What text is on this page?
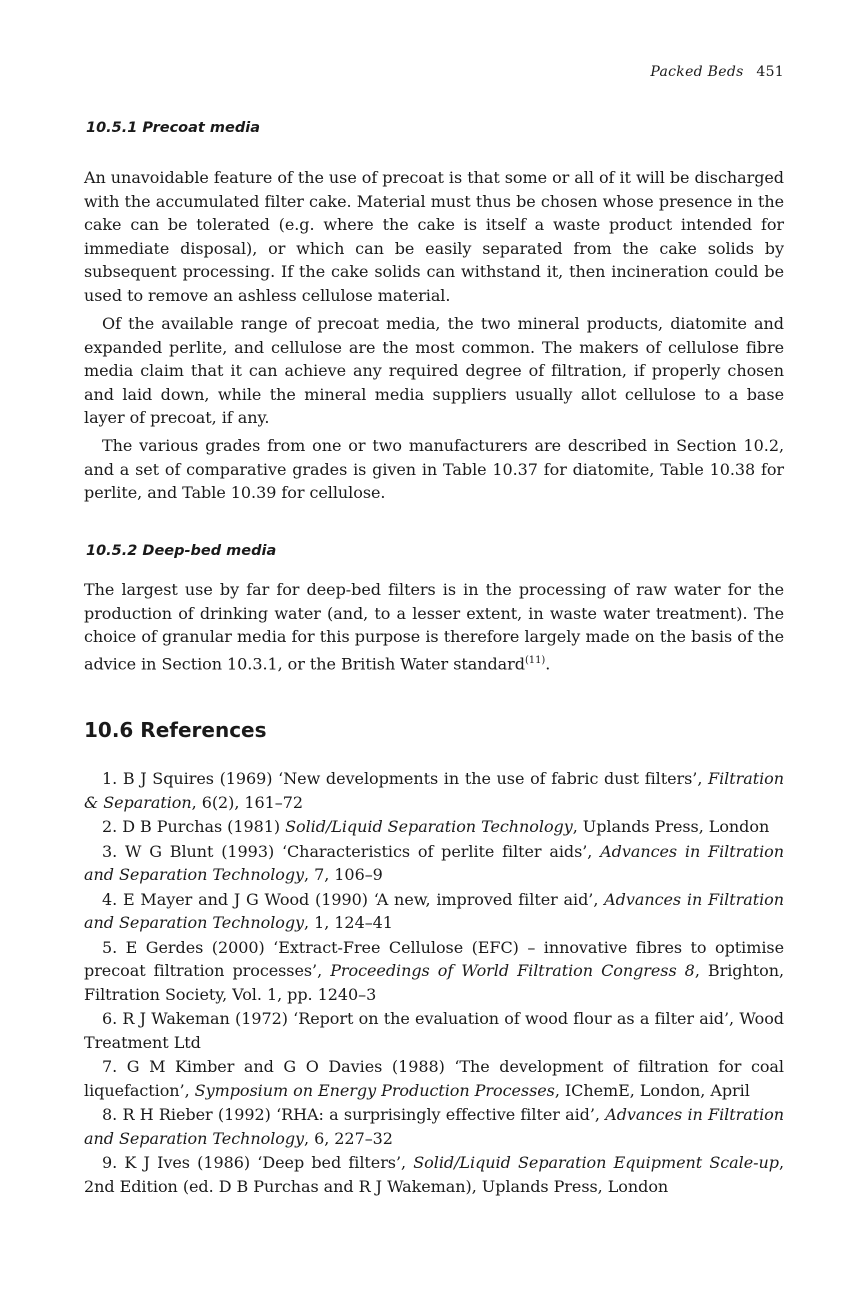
Packed Beds 451
10.5.1 Precoat media

An unavoidable feature of the use of precoat is that some or all of it will be discharged with the accumulated filter cake. Material must thus be chosen whose presence in the cake can be tolerated (e.g. where the cake is itself a waste product intended for immediate disposal), or which can be easily separated from the cake solids by subsequent processing. If the cake solids can withstand it, then incineration could be used to remove an ashless cellulose material.

Of the available range of precoat media, the two mineral products, diatomite and expanded perlite, and cellulose are the most common. The makers of cellulose fibre media claim that it can achieve any required degree of filtration, if properly chosen and laid down, while the mineral media suppliers usually allot cellulose to a base layer of precoat, if any.

The various grades from one or two manufacturers are described in Section 10.2, and a set of comparative grades is given in Table 10.37 for diatomite, Table 10.38 for perlite, and Table 10.39 for cellulose.

10.5.2 Deep-bed media

The largest use by far for deep-bed filters is in the processing of raw water for the production of drinking water (and, to a lesser extent, in waste water treatment). The choice of granular media for this purpose is therefore largely made on the basis of the advice in Section 10.3.1, or the British Water standard$^{(11)}$.

10.6 References

1. B J Squires (1969) ‘New developments in the use of fabric dust filters’, Filtration & Separation, 6(2), 161–72

2. D B Purchas (1981) Solid/Liquid Separation Technology, Uplands Press, London

3. W G Blunt (1993) ‘Characteristics of perlite filter aids’, Advances in Filtration and Separation Technology, 7, 106–9

4. E Mayer and J G Wood (1990) ‘A new, improved filter aid’, Advances in Filtration and Separation Technology, 1, 124–41

5. E Gerdes (2000) ‘Extract-Free Cellulose (EFC) – innovative fibres to optimise precoat filtration processes’, Proceedings of World Filtration Congress 8, Brighton, Filtration Society, Vol. 1, pp. 1240–3

6. R J Wakeman (1972) ‘Report on the evaluation of wood flour as a filter aid’, Wood Treatment Ltd

7. G M Kimber and G O Davies (1988) ‘The development of filtration for coal liquefaction’, Symposium on Energy Production Processes, IChemE, London, April

8. R H Rieber (1992) ‘RHA: a surprisingly effective filter aid’, Advances in Filtration and Separation Technology, 6, 227–32

9. K J Ives (1986) ‘Deep bed filters’, Solid/Liquid Separation Equipment Scale-up, 2nd Edition (ed. D B Purchas and R J Wakeman), Uplands Press, London
